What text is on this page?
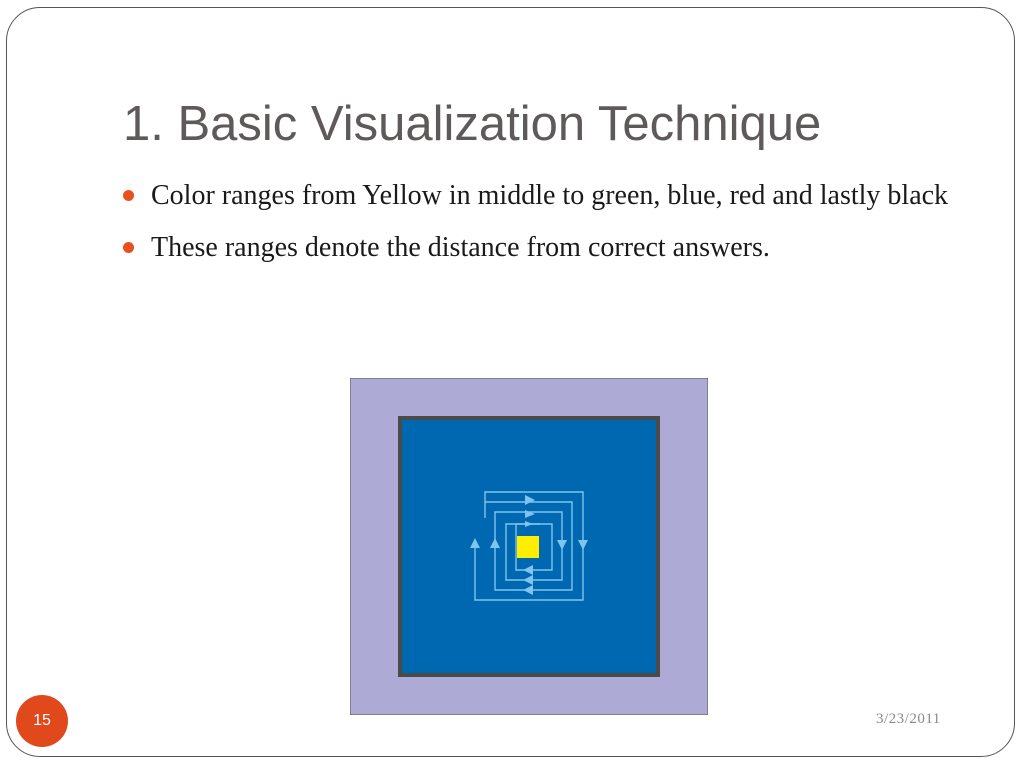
1. Basic Visualization Technique
Color ranges from Yellow in middle to green, blue, red and lastly black
These ranges denote the distance from correct answers.
15	3/23/2011
